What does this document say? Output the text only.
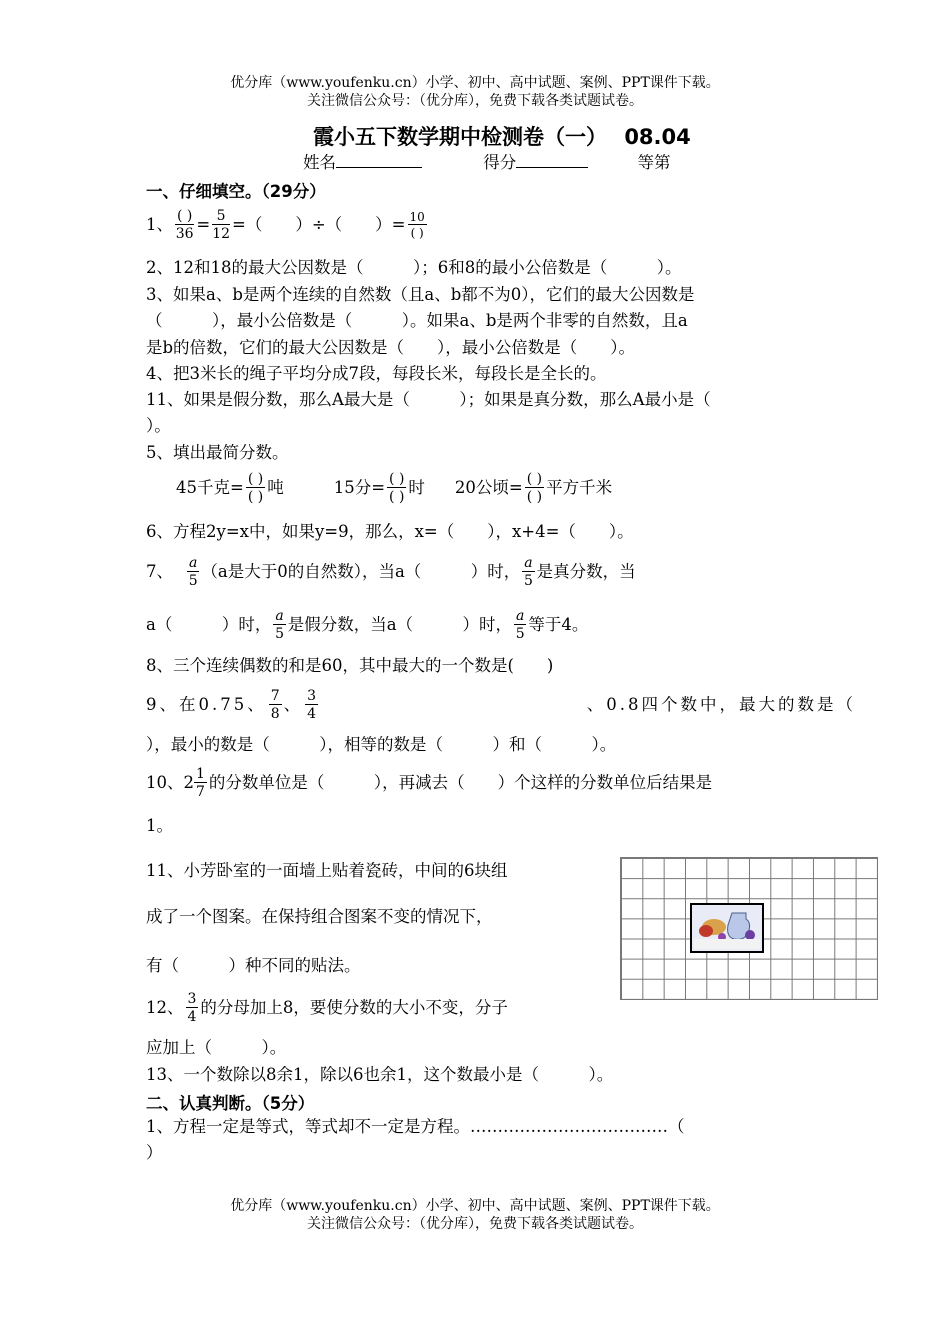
优分库（www.youfenku.cn）小学、初中、高中试题、案例、PPT课件下载。
关注微信公众号：（优分库），免费下载各类试题试卷。
霞小五下数学期中检测卷（一） 08.04
姓名	得分	等第
一、仔细填空。（29分）
1、 $\frac{( )}{36} = \frac{5}{12}$ =（　　）÷（　　）= $\frac{10}{( )}$
2、12和18的最大公因数是（　　　）；6和8的最小公倍数是（　　　）。
3、如果a、b是两个连续的自然数（且a、b都不为0），它们的最大公因数是
（　　　），最小公倍数是（　　　）。如果a、b是两个非零的自然数，且a
是b的倍数，它们的最大公因数是（　　），最小公倍数是（　　）。
4、把3米长的绳子平均分成7段，每段长米，每段长是全长的。
11、如果是假分数，那么A最大是（　　　）；如果是真分数，那么A最小是（
）。
5、填出最简分数。
45千克= $\frac{( )}{( )}$ 吨	15分= $\frac{( )}{( )}$ 时 20公顷= $\frac{( )}{( )}$ 平方千米
6、方程2y=x中，如果y=9，那么，x=（　　），x+4=（　　）。
7、 $\frac{a}{5} (a$是大于0的自然数），当a（　　　）时， $\frac{a}{5}$ 是真分数，当
a（　　　）时， $\frac{a}{5}$ 是假分数，当a（　　　）时， $\frac{a}{5}$ 等于4。
8、三个连续偶数的和是60，其中最大的一个数是(　　)
9、在0.75、 $\frac{7}{8}$ 、 $\frac{3}{4}$	、0.8四个数中，最大的数是（
），最小的数是（　　　），相等的数是（　　　）和（　　　）。
10、$2 \frac{1}{7}$ 的分数单位是（　　　），再减去（　　）个这样的分数单位后结果是
1。
11、小芳卧室的一面墙上贴着瓷砖，中间的6块组
成了一个图案。在保持组合图案不变的情况下，
有（　　　）种不同的贴法。
12、 $\frac{3}{4}$ 的分母加上8，要使分数的大小不变，分子
应加上（　　　）。
13、一个数除以8余1，除以6也余1，这个数最小是（　　　）。
二、认真判断。（5分）
1、方程一定是等式，等式却不一定是方程。………………………………（
）
优分库（www.youfenku.cn）小学、初中、高中试题、案例、PPT课件下载。
关注微信公众号：（优分库），免费下载各类试题试卷。
